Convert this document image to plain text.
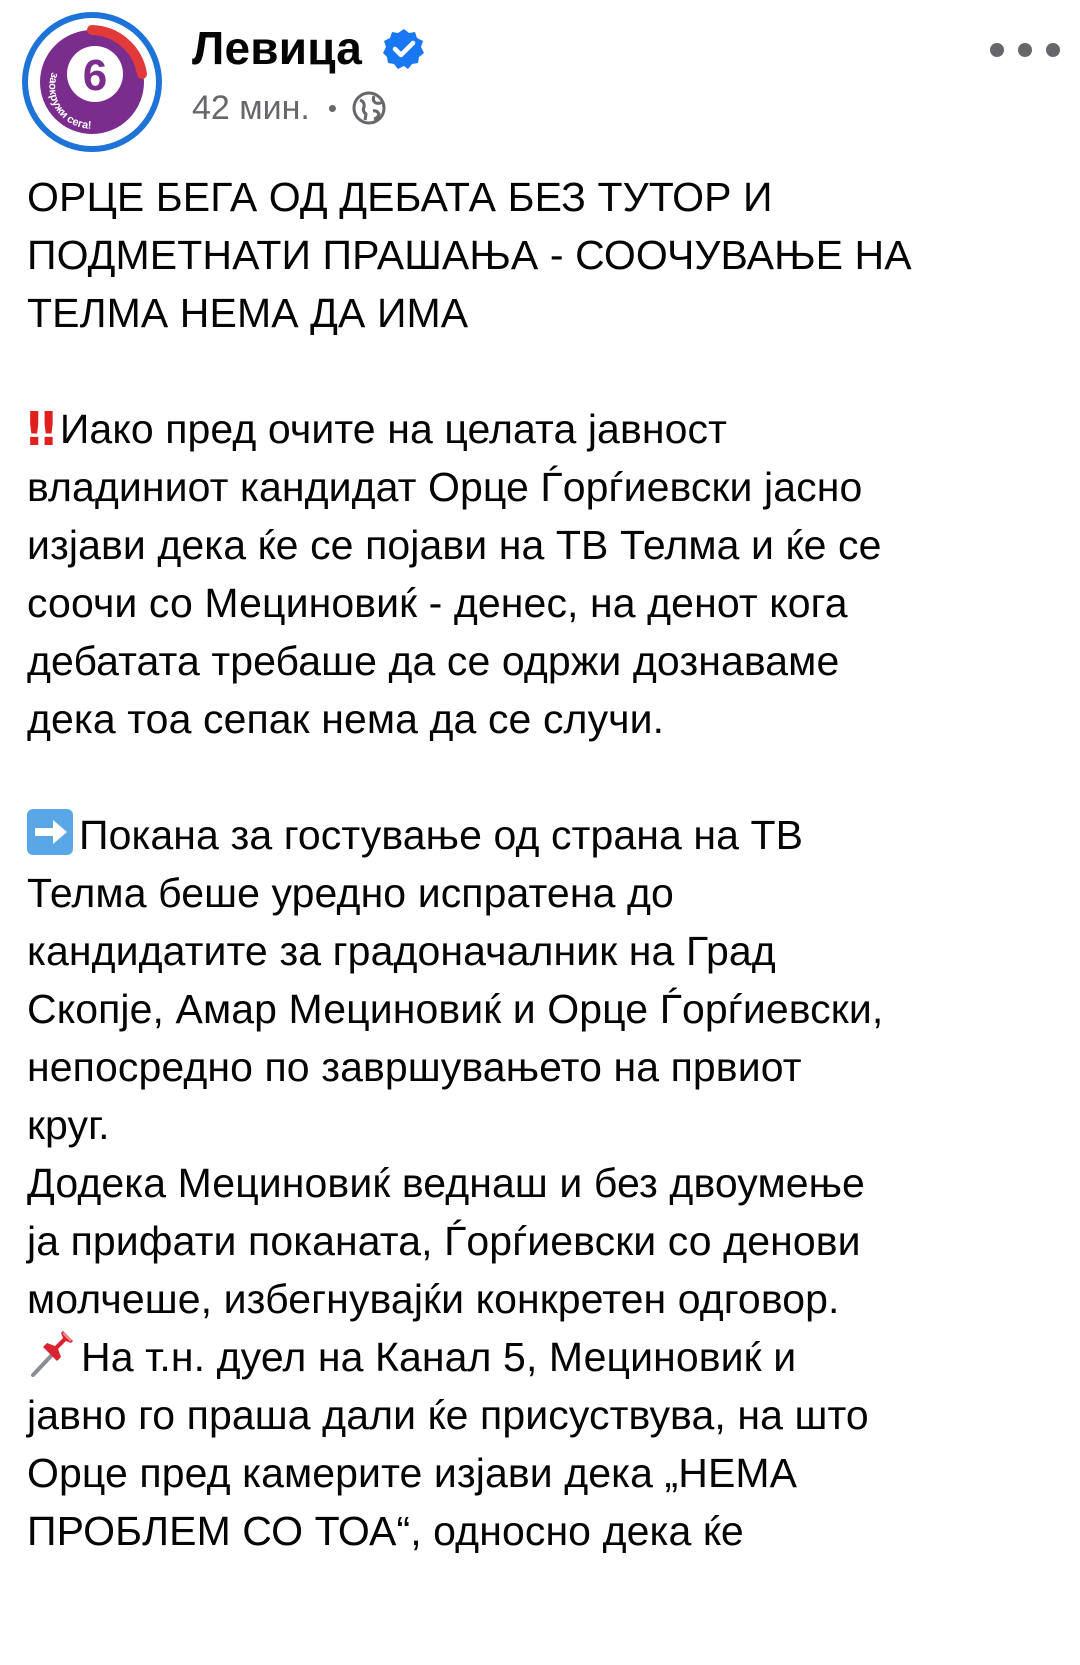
6
заокружи сега!
Левица
42 мин. •

ОРЦЕ БЕГА ОД ДЕБАТА БЕЗ ТУТОР И

ПОДМЕТНАТИ ПРАШАЊА - СООЧУВАЊЕ НА

ТЕЛМА НЕМА ДА ИМА

‼ Иако пред очите на целата јавност

владиниот кандидат Орце Ѓорѓиевски јасно

изјави дека ќе се појави на ТВ Телма и ќе се

соочи со Мециновиќ - денес, на денот кога

дебатата требаше да се одржи дознаваме

дека тоа сепак нема да се случи.

Покана за гостување од страна на ТВ

Телма беше уредно испратена до

кандидатите за градоначалник на Град

Скопје, Амар Мециновиќ и Орце Ѓорѓиевски,

непосредно по завршувањето на првиот

круг.

Додека Мециновиќ веднаш и без двоумење

ја прифати поканата, Ѓорѓиевски со денови

молчеше, избегнувајќи конкретен одговор.

На т.н. дуел на Канал 5, Мециновиќ и

јавно го праша дали ќе присуствува, на што

Орце пред камерите изјави дека „НЕМА

ПРОБЛЕМ СО ТОА“, односно дека ќе
